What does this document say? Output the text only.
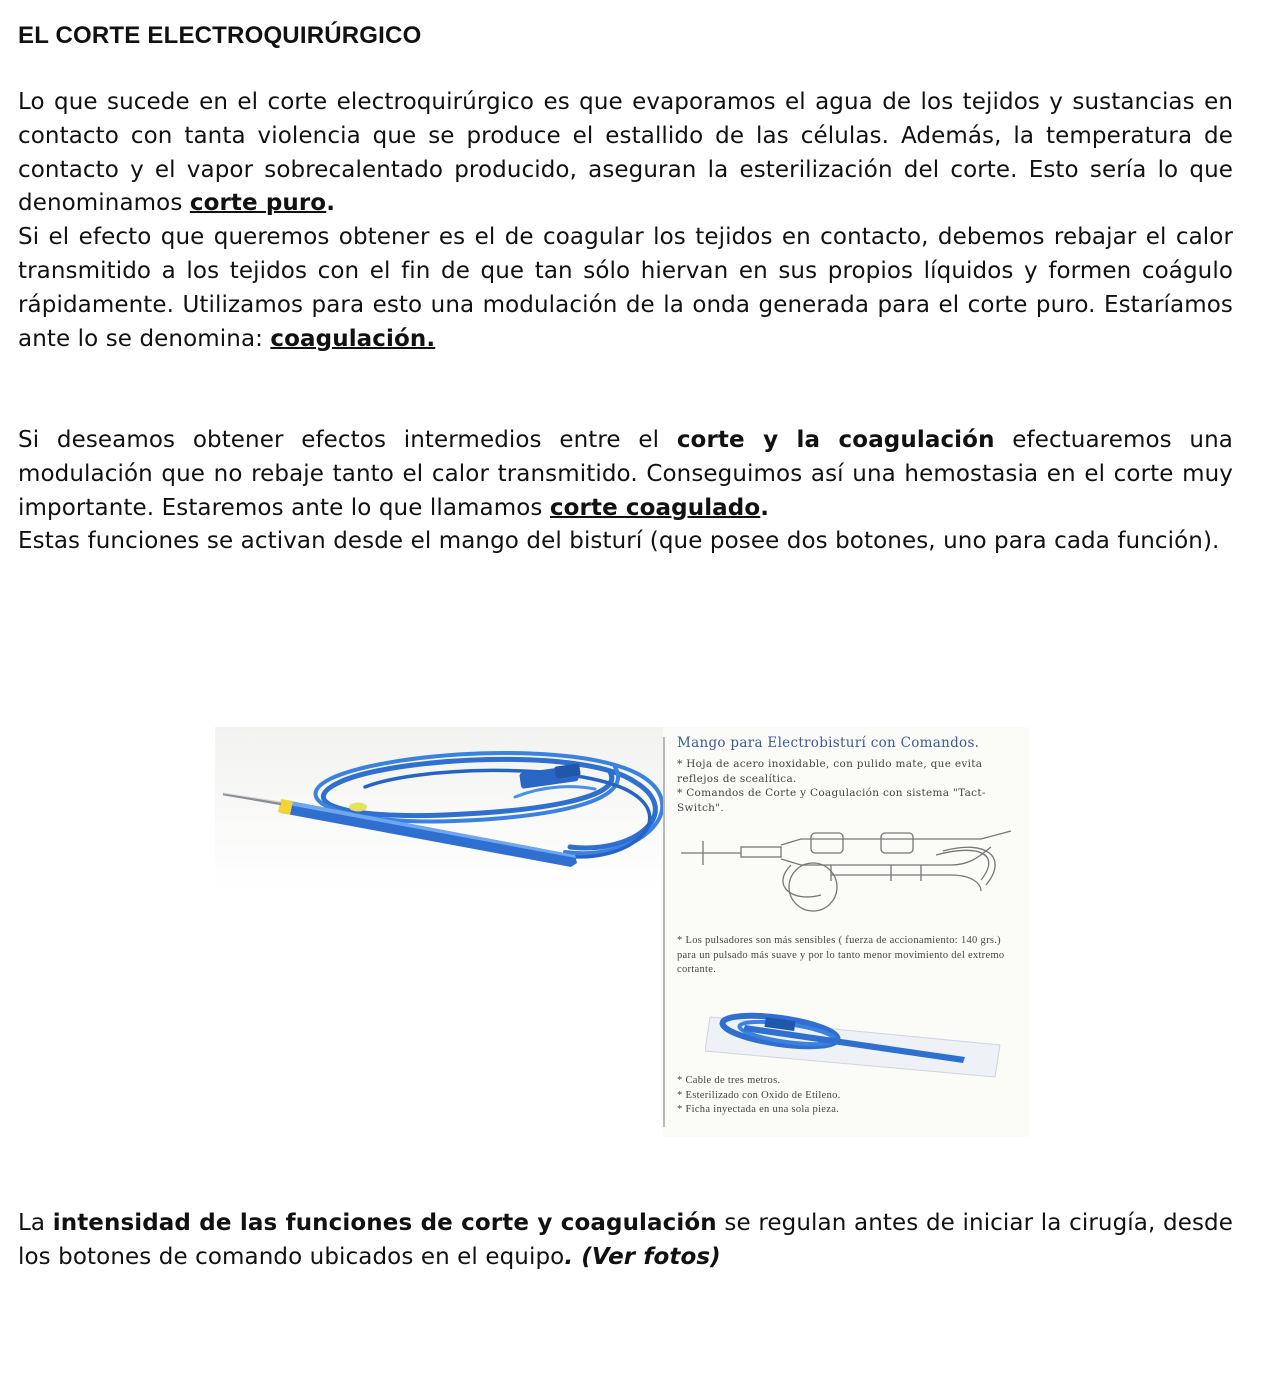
EL CORTE ELECTROQUIRÚRGICO

Lo que sucede en el corte electroquirúrgico es que evaporamos el agua de los tejidos y sustancias en contacto con tanta violencia que se produce el estallido de las células. Además, la temperatura de contacto y el vapor sobrecalentado producido, aseguran la esterilización del corte. Esto sería lo que denominamos corte puro.
Si el efecto que queremos obtener es el de coagular los tejidos en contacto, debemos rebajar el calor transmitido a los tejidos con el fin de que tan sólo hiervan en sus propios líquidos y formen coágulo rápidamente. Utilizamos para esto una modulación de la onda generada para el corte puro. Estaríamos ante lo se denomina: coagulación.

Si deseamos obtener efectos intermedios entre el corte y la coagulación efectuaremos una modulación que no rebaje tanto el calor transmitido. Conseguimos así una hemostasia en el corte muy importante. Estaremos ante lo que llamamos corte coagulado.
Estas funciones se activan desde el mango del bisturí (que posee dos botones, uno para cada función).

La intensidad de las funciones de corte y coagulación se regulan antes de iniciar la cirugía, desde los botones de comando ubicados en el equipo. (Ver fotos)

Mango para Electrobisturí con Comandos.

* Hoja de acero inoxidable, con pulido mate, que evita reflejos de scealítica.

* Comandos de Corte y Coagulación con sistema "Tact-Switch".

* Los pulsadores son más sensibles ( fuerza de accionamiento: 140 grs.) para un pulsado más suave y por lo tanto menor movimiento del extremo cortante.

* Cable de tres metros.

* Esterilizado con Oxido de Etileno.

* Ficha inyectada en una sola pieza.
